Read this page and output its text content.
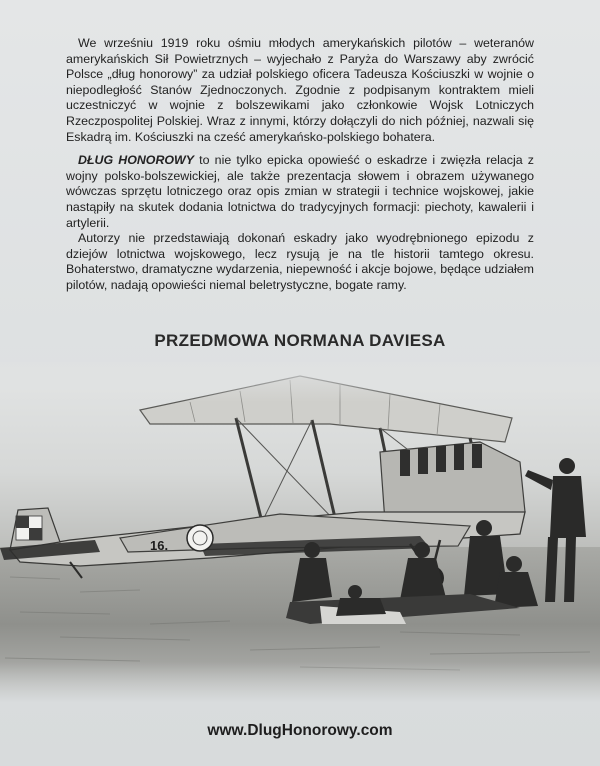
We wrześniu 1919 roku ośmiu młodych amerykańskich pilotów – weteranów amerykańskich Sił Powietrznych – wyjechało z Paryża do Warszawy aby zwrócić Polsce „dług honorowy” za udział polskiego oficera Tadeusza Kościuszki w wojnie o niepodległość Stanów Zjednoczonych. Zgodnie z podpisanym kontraktem mieli uczestniczyć w wojnie z bolszewikami jako członkowie Wojsk Lotniczych Rzeczpospolitej Polskiej. Wraz z innymi, którzy dołączyli do nich później, nazwali się Eskadrą im. Kościuszki na cześć amerykańsko-polskiego bohatera.

DŁUG HONOROWY to nie tylko epicka opowieść o eskadrze i zwięzła relacja z wojny polsko-bolszewickiej, ale także prezentacja słowem i obrazem używanego wówczas sprzętu lotniczego oraz opis zmian w strategii i technice wojskowej, jakie nastąpiły na skutek dodania lotnictwa do tradycyjnych formacji: piechoty, kawalerii i artylerii.

Autorzy nie przedstawiają dokonań eskadry jako wyodrębnionego epizodu z dziejów lotnictwa wojskowego, lecz rysują je na tle historii tamtego okresu. Bohaterstwo, dramatyczne wydarzenia, niepewność i akcje bojowe, będące udziałem pilotów, nadają opowieści niemal beletrystyczne, bogate ramy.

PRZEDMOWA NORMANA DAVIESA
16.
www.DlugHonorowy.com
